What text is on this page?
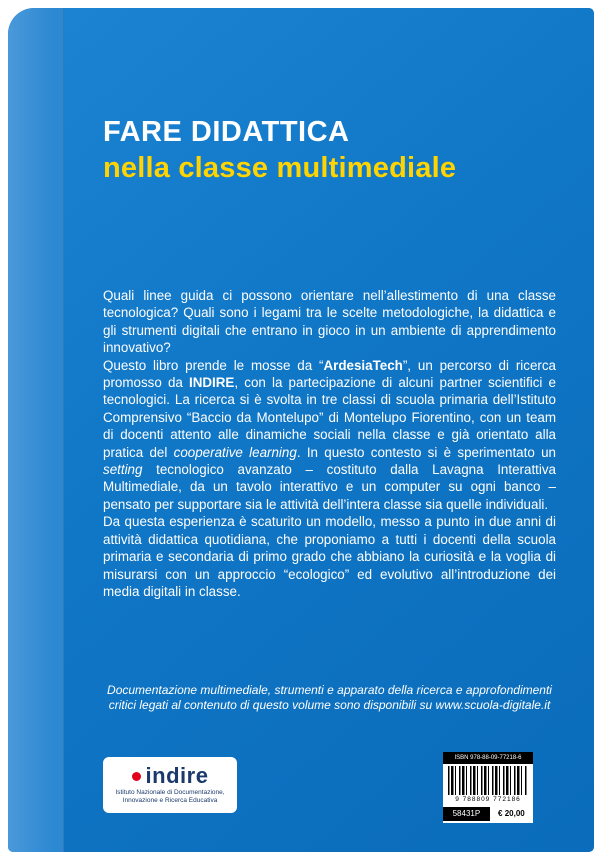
FARE DIDATTICA
nella classe multimediale

Quali linee guida ci possono orientare nell’allestimento di una classe tecnologica? Quali sono i legami tra le scelte metodologiche, la didattica e gli strumenti digitali che entrano in gioco in un ambiente di apprendimento innovativo?

Questo libro prende le mosse da “ArdesiaTech”, un percorso di ricerca promosso da INDIRE, con la partecipazione di alcuni partner scientifici e tecnologici. La ricerca si è svolta in tre classi di scuola primaria dell’Istituto Comprensivo “Baccio da Montelupo” di Montelupo Fiorentino, con un team di docenti attento alle dinamiche sociali nella classe e già orientato alla pratica del cooperative learning. In questo contesto si è sperimentato un setting tecnologico avanzato – costituto dalla Lavagna Interattiva Multimediale, da un tavolo interattivo e un computer su ogni banco – pensato per supportare sia le attività dell’intera classe sia quelle individuali.

Da questa esperienza è scaturito un modello, messo a punto in due anni di attività didattica quotidiana, che proponiamo a tutti i docenti della scuola primaria e secondaria di primo grado che abbiano la curiosità e la voglia di misurarsi con un approccio “ecologico” ed evolutivo all’introduzione dei media digitali in classe.

Documentazione multimediale, strumenti e apparato della ricerca e approfondimenti critici legati al contenuto di questo volume sono disponibili su www.scuola-digitale.it

indire
Istituto Nazionale di Documentazione,
Innovazione e Ricerca Educativa
ISBN 978-88-09-77218-6
9 788809 772186
58431P	€ 20,00
